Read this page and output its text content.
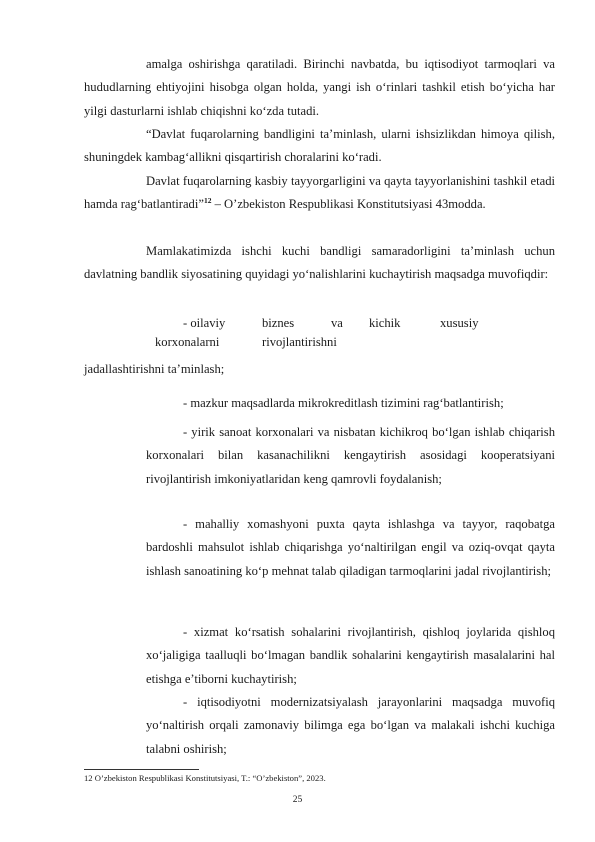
amalga oshirishga qaratiladi. Birinchi navbatda, bu iqtisodiyot tarmoqlari va hududlarning ehtiyojini hisobga olgan holda, yangi ish o‘rinlari tashkil etish bo‘yicha har yilgi dasturlarni ishlab chiqishni ko‘zda tutadi.

“Davlat fuqarolarning bandligini ta’minlash, ularni ishsizlikdan himoya qilish, shuningdek kambag‘allikni qisqartirish choralarini ko‘radi.

Davlat fuqarolarning kasbiy tayyorgarligini va qayta tayyorlanishini tashkil etadi hamda rag‘batlantiradi”$^{12}$ – O’zbekiston Respublikasi Konstitutsiyasi 43modda.

Mamlakatimizda ishchi kuchi bandligi samaradorligini ta’minlash uchun davlatning bandlik siyosatining quyidagi yo‘nalishlarini kuchaytirish maqsadga muvofiqdir:

- oilaviy	biznes	va kichik	xususiy
korxonalarni	rivojlantirishni
jadallashtirishni ta’minlash;

- mazkur maqsadlarda mikrokreditlash tizimini rag‘batlantirish;

- yirik sanoat korxonalari va nisbatan kichikroq bo‘lgan ishlab chiqarish korxonalari bilan kasanachilikni kengaytirish asosidagi kooperatsiyani rivojlantirish imkoniyatlaridan keng qamrovli foydalanish;

- mahalliy xomashyoni puxta qayta ishlashga va tayyor, raqobatga bardoshli mahsulot ishlab chiqarishga yo‘naltirilgan engil va oziq-ovqat qayta ishlash sanoatining ko‘p mehnat talab qiladigan tarmoqlarini jadal rivojlantirish;

- xizmat ko‘rsatish sohalarini rivojlantirish, qishloq joylarida qishloq xo‘jaligiga taalluqli bo‘lmagan bandlik sohalarini kengaytirish masalalarini hal etishga e’tiborni kuchaytirish;

- iqtisodiyotni modernizatsiyalash jarayonlarini maqsadga muvofiq yo‘naltirish orqali zamonaviy bilimga ega bo‘lgan va malakali ishchi kuchiga talabni oshirish;

12 O’zbekiston Respublikasi Konstitutsiyasi, T.: “O’zbekiston”, 2023.
25
